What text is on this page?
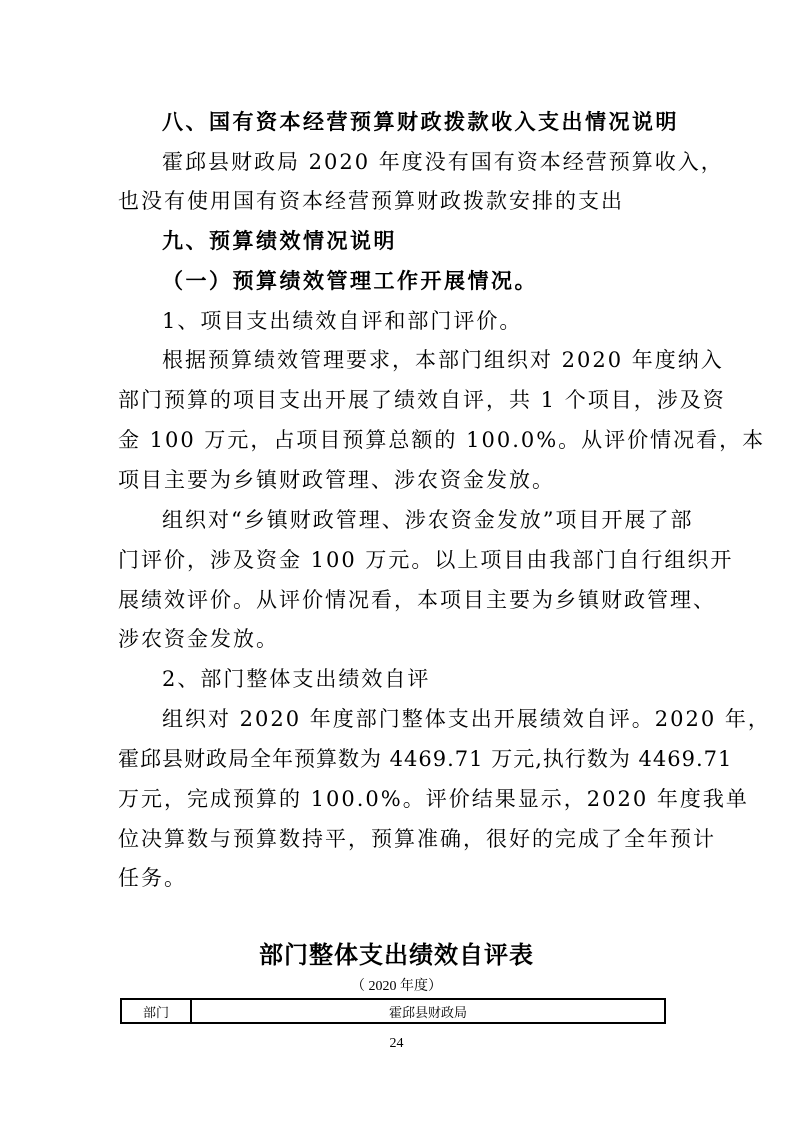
八、国有资本经营预算财政拨款收入支出情况说明
霍邱县财政局 2020 年度没有国有资本经营预算收入，
也没有使用国有资本经营预算财政拨款安排的支出
九、预算绩效情况说明
（一）预算绩效管理工作开展情况。
1、项目支出绩效自评和部门评价。
根据预算绩效管理要求，本部门组织对 2020 年度纳入
部门预算的项目支出开展了绩效自评，共 1 个项目，涉及资
金 100 万元，占项目预算总额的 100.0%。从评价情况看，本
项目主要为乡镇财政管理、涉农资金发放。
组织对“乡镇财政管理、涉农资金发放”项目开展了部
门评价，涉及资金 100 万元。以上项目由我部门自行组织开
展绩效评价。从评价情况看，本项目主要为乡镇财政管理、
涉农资金发放。
2、部门整体支出绩效自评
组织对 2020 年度部门整体支出开展绩效自评。2020 年，
霍邱县财政局全年预算数为 4469.71 万元,执行数为 4469.71
万元，完成预算的 100.0%。评价结果显示，2020 年度我单
位决算数与预算数持平，预算准确，很好的完成了全年预计
任务。
部门整体支出绩效自评表
（ 2020 年度）
部门	霍邱县财政局
24
